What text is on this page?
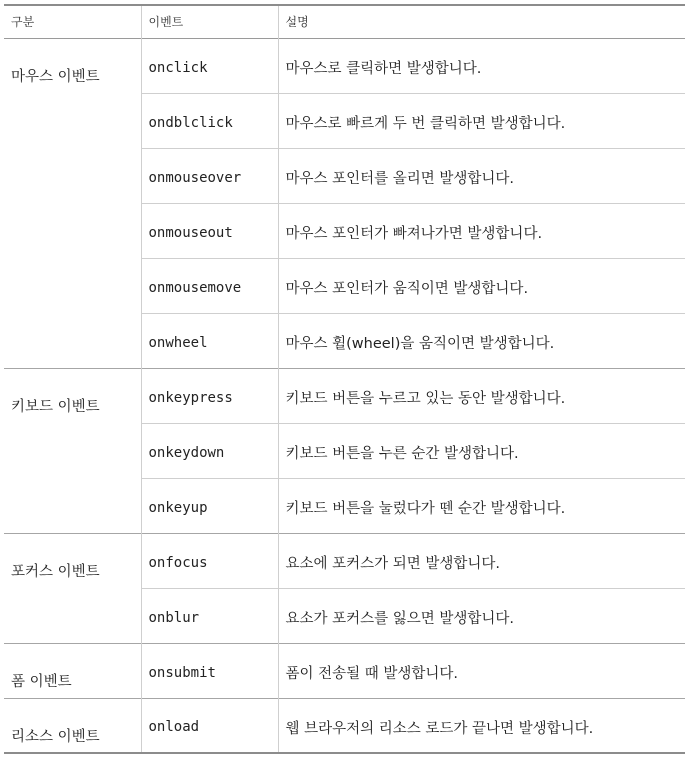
구분	이벤트	설명
마우스 이벤트	onclick	마우스로 클릭하면 발생합니다.
	ondblclick	마우스로 빠르게 두 번 클릭하면 발생합니다.
	onmouseover	마우스 포인터를 올리면 발생합니다.
	onmouseout	마우스 포인터가 빠져나가면 발생합니다.
	onmousemove	마우스 포인터가 움직이면 발생합니다.
	onwheel	마우스 휠(wheel)을 움직이면 발생합니다.
키보드 이벤트	onkeypress	키보드 버튼을 누르고 있는 동안 발생합니다.
	onkeydown	키보드 버튼을 누른 순간 발생합니다.
	onkeyup	키보드 버튼을 눌렀다가 뗀 순간 발생합니다.
포커스 이벤트	onfocus	요소에 포커스가 되면 발생합니다.
	onblur	요소가 포커스를 잃으면 발생합니다.
폼 이벤트	onsubmit	폼이 전송될 때 발생합니다.
리소스 이벤트	onload	웹 브라우저의 리소스 로드가 끝나면 발생합니다.
